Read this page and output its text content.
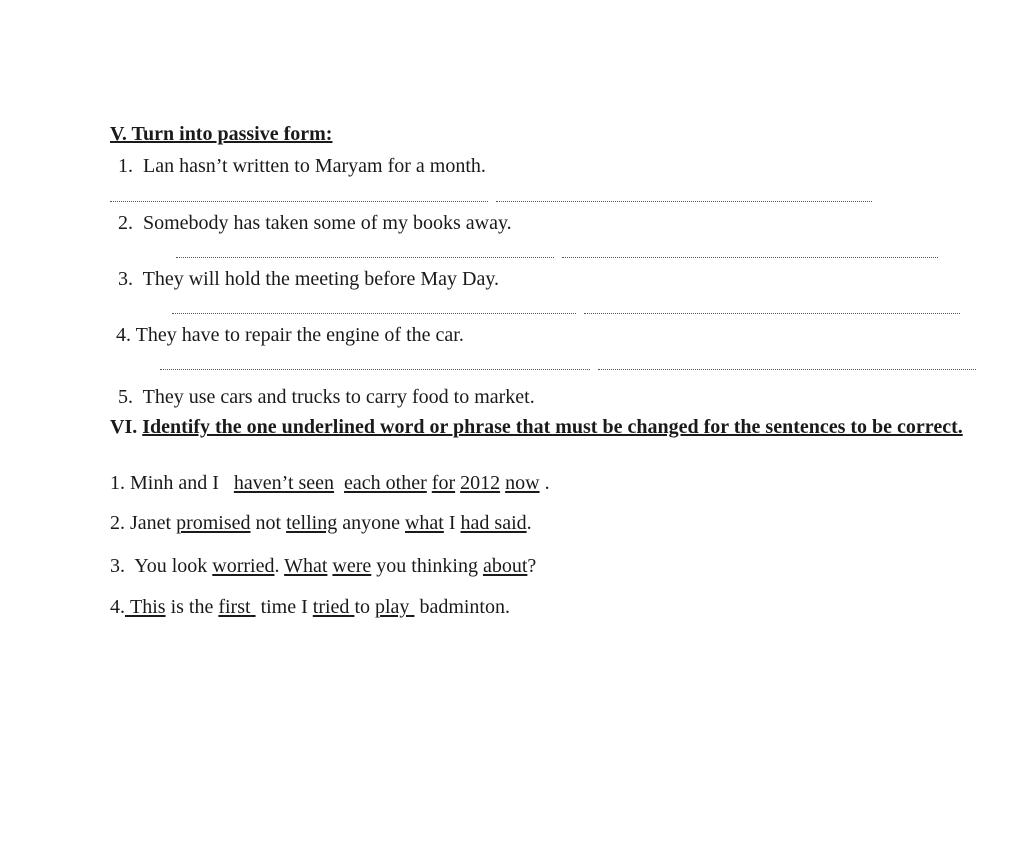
V. Turn into passive form:
1. Lan hasn’t written to Maryam for a month.
2. Somebody has taken some of my books away.
3. They will hold the meeting before May Day.
4. They have to repair the engine of the car.
5. They use cars and trucks to carry food to market.
VI. Identify the one underlined word or phrase that must be changed for the sentences to be correct.
1. Minh and I haven’t seen each other for 2012 now .
2. Janet promised not telling anyone what I had said.
3. You look worried. What were you thinking about?
4. This is the first time I tried to play badminton.
